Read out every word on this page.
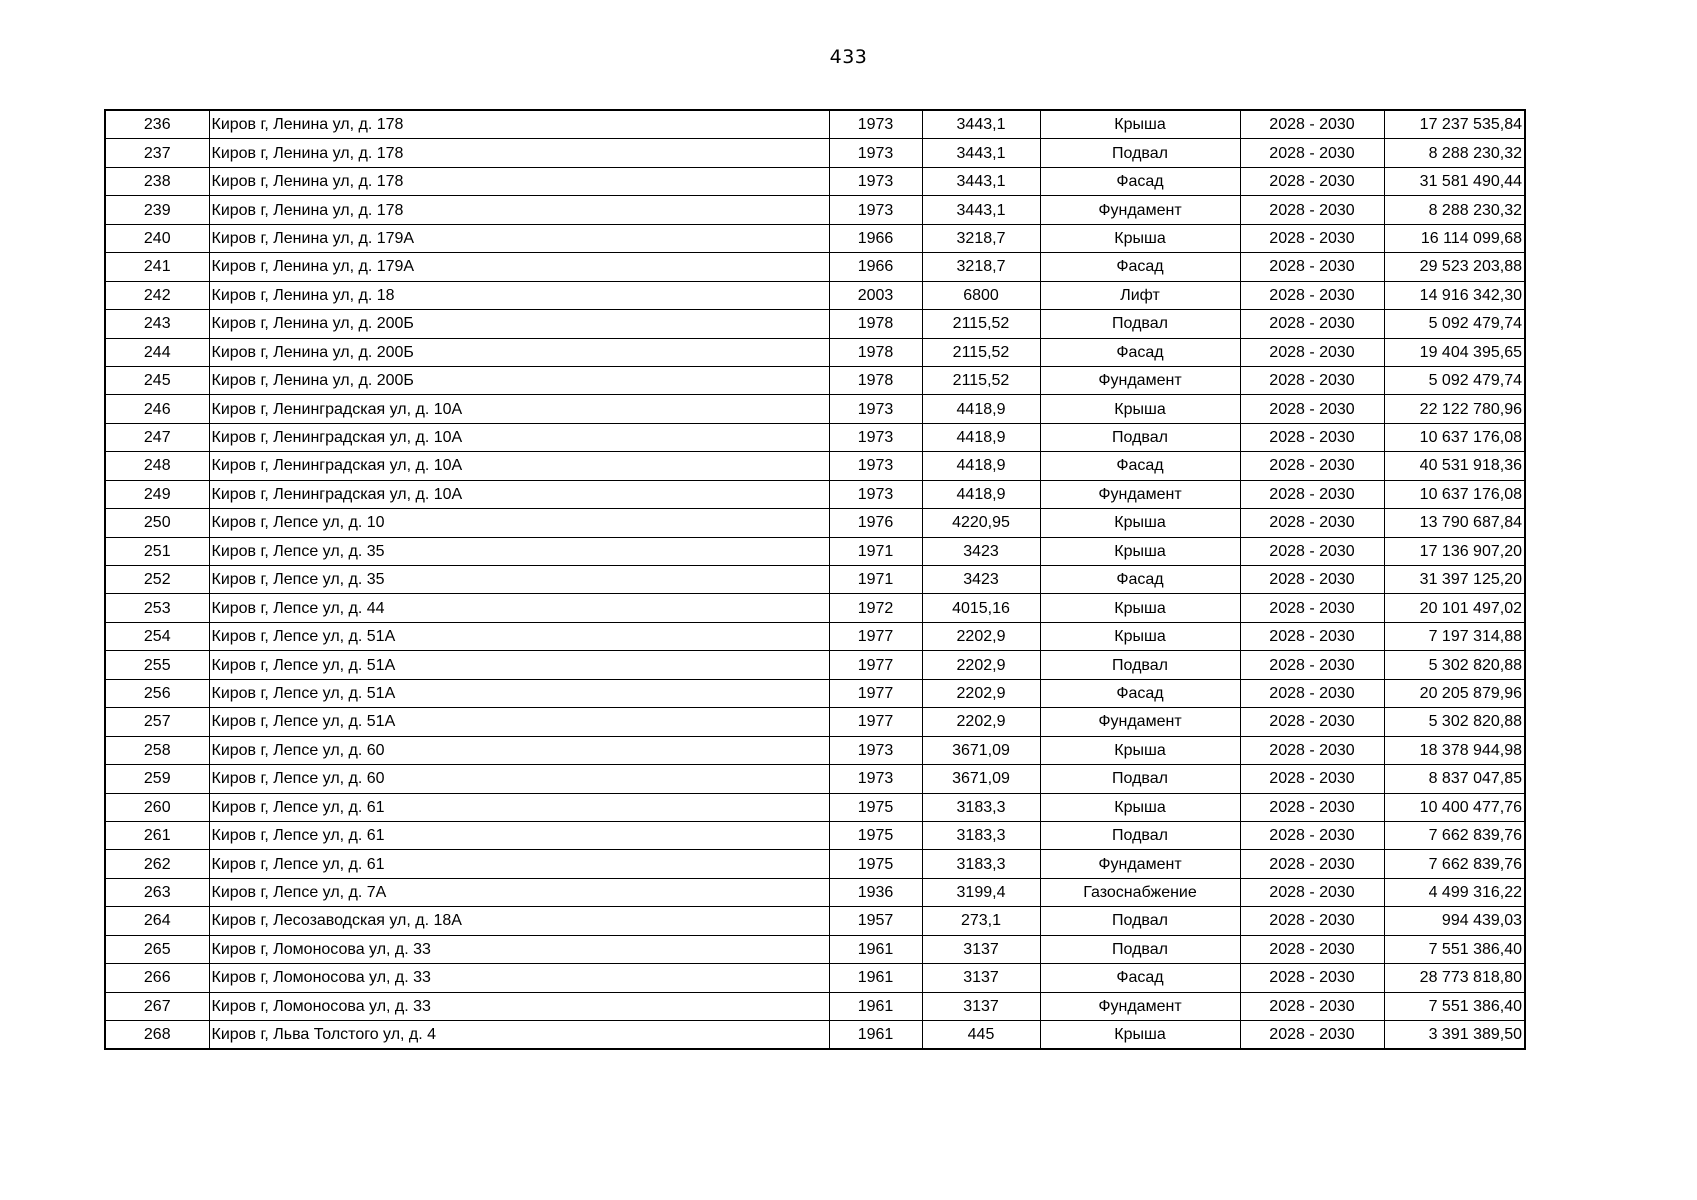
433
236	Киров г, Ленина ул, д. 178	1973	3443,1	Крыша	2028 - 2030	17 237 535,84
237	Киров г, Ленина ул, д. 178	1973	3443,1	Подвал	2028 - 2030	8 288 230,32
238	Киров г, Ленина ул, д. 178	1973	3443,1	Фасад	2028 - 2030	31 581 490,44
239	Киров г, Ленина ул, д. 178	1973	3443,1	Фундамент	2028 - 2030	8 288 230,32
240	Киров г, Ленина ул, д. 179А	1966	3218,7	Крыша	2028 - 2030	16 114 099,68
241	Киров г, Ленина ул, д. 179А	1966	3218,7	Фасад	2028 - 2030	29 523 203,88
242	Киров г, Ленина ул, д. 18	2003	6800	Лифт	2028 - 2030	14 916 342,30
243	Киров г, Ленина ул, д. 200Б	1978	2115,52	Подвал	2028 - 2030	5 092 479,74
244	Киров г, Ленина ул, д. 200Б	1978	2115,52	Фасад	2028 - 2030	19 404 395,65
245	Киров г, Ленина ул, д. 200Б	1978	2115,52	Фундамент	2028 - 2030	5 092 479,74
246	Киров г, Ленинградская ул, д. 10А	1973	4418,9	Крыша	2028 - 2030	22 122 780,96
247	Киров г, Ленинградская ул, д. 10А	1973	4418,9	Подвал	2028 - 2030	10 637 176,08
248	Киров г, Ленинградская ул, д. 10А	1973	4418,9	Фасад	2028 - 2030	40 531 918,36
249	Киров г, Ленинградская ул, д. 10А	1973	4418,9	Фундамент	2028 - 2030	10 637 176,08
250	Киров г, Лепсе ул, д. 10	1976	4220,95	Крыша	2028 - 2030	13 790 687,84
251	Киров г, Лепсе ул, д. 35	1971	3423	Крыша	2028 - 2030	17 136 907,20
252	Киров г, Лепсе ул, д. 35	1971	3423	Фасад	2028 - 2030	31 397 125,20
253	Киров г, Лепсе ул, д. 44	1972	4015,16	Крыша	2028 - 2030	20 101 497,02
254	Киров г, Лепсе ул, д. 51А	1977	2202,9	Крыша	2028 - 2030	7 197 314,88
255	Киров г, Лепсе ул, д. 51А	1977	2202,9	Подвал	2028 - 2030	5 302 820,88
256	Киров г, Лепсе ул, д. 51А	1977	2202,9	Фасад	2028 - 2030	20 205 879,96
257	Киров г, Лепсе ул, д. 51А	1977	2202,9	Фундамент	2028 - 2030	5 302 820,88
258	Киров г, Лепсе ул, д. 60	1973	3671,09	Крыша	2028 - 2030	18 378 944,98
259	Киров г, Лепсе ул, д. 60	1973	3671,09	Подвал	2028 - 2030	8 837 047,85
260	Киров г, Лепсе ул, д. 61	1975	3183,3	Крыша	2028 - 2030	10 400 477,76
261	Киров г, Лепсе ул, д. 61	1975	3183,3	Подвал	2028 - 2030	7 662 839,76
262	Киров г, Лепсе ул, д. 61	1975	3183,3	Фундамент	2028 - 2030	7 662 839,76
263	Киров г, Лепсе ул, д. 7А	1936	3199,4	Газоснабжение	2028 - 2030	4 499 316,22
264	Киров г, Лесозаводская ул, д. 18А	1957	273,1	Подвал	2028 - 2030	994 439,03
265	Киров г, Ломоносова ул, д. 33	1961	3137	Подвал	2028 - 2030	7 551 386,40
266	Киров г, Ломоносова ул, д. 33	1961	3137	Фасад	2028 - 2030	28 773 818,80
267	Киров г, Ломоносова ул, д. 33	1961	3137	Фундамент	2028 - 2030	7 551 386,40
268	Киров г, Льва Толстого ул, д. 4	1961	445	Крыша	2028 - 2030	3 391 389,50
